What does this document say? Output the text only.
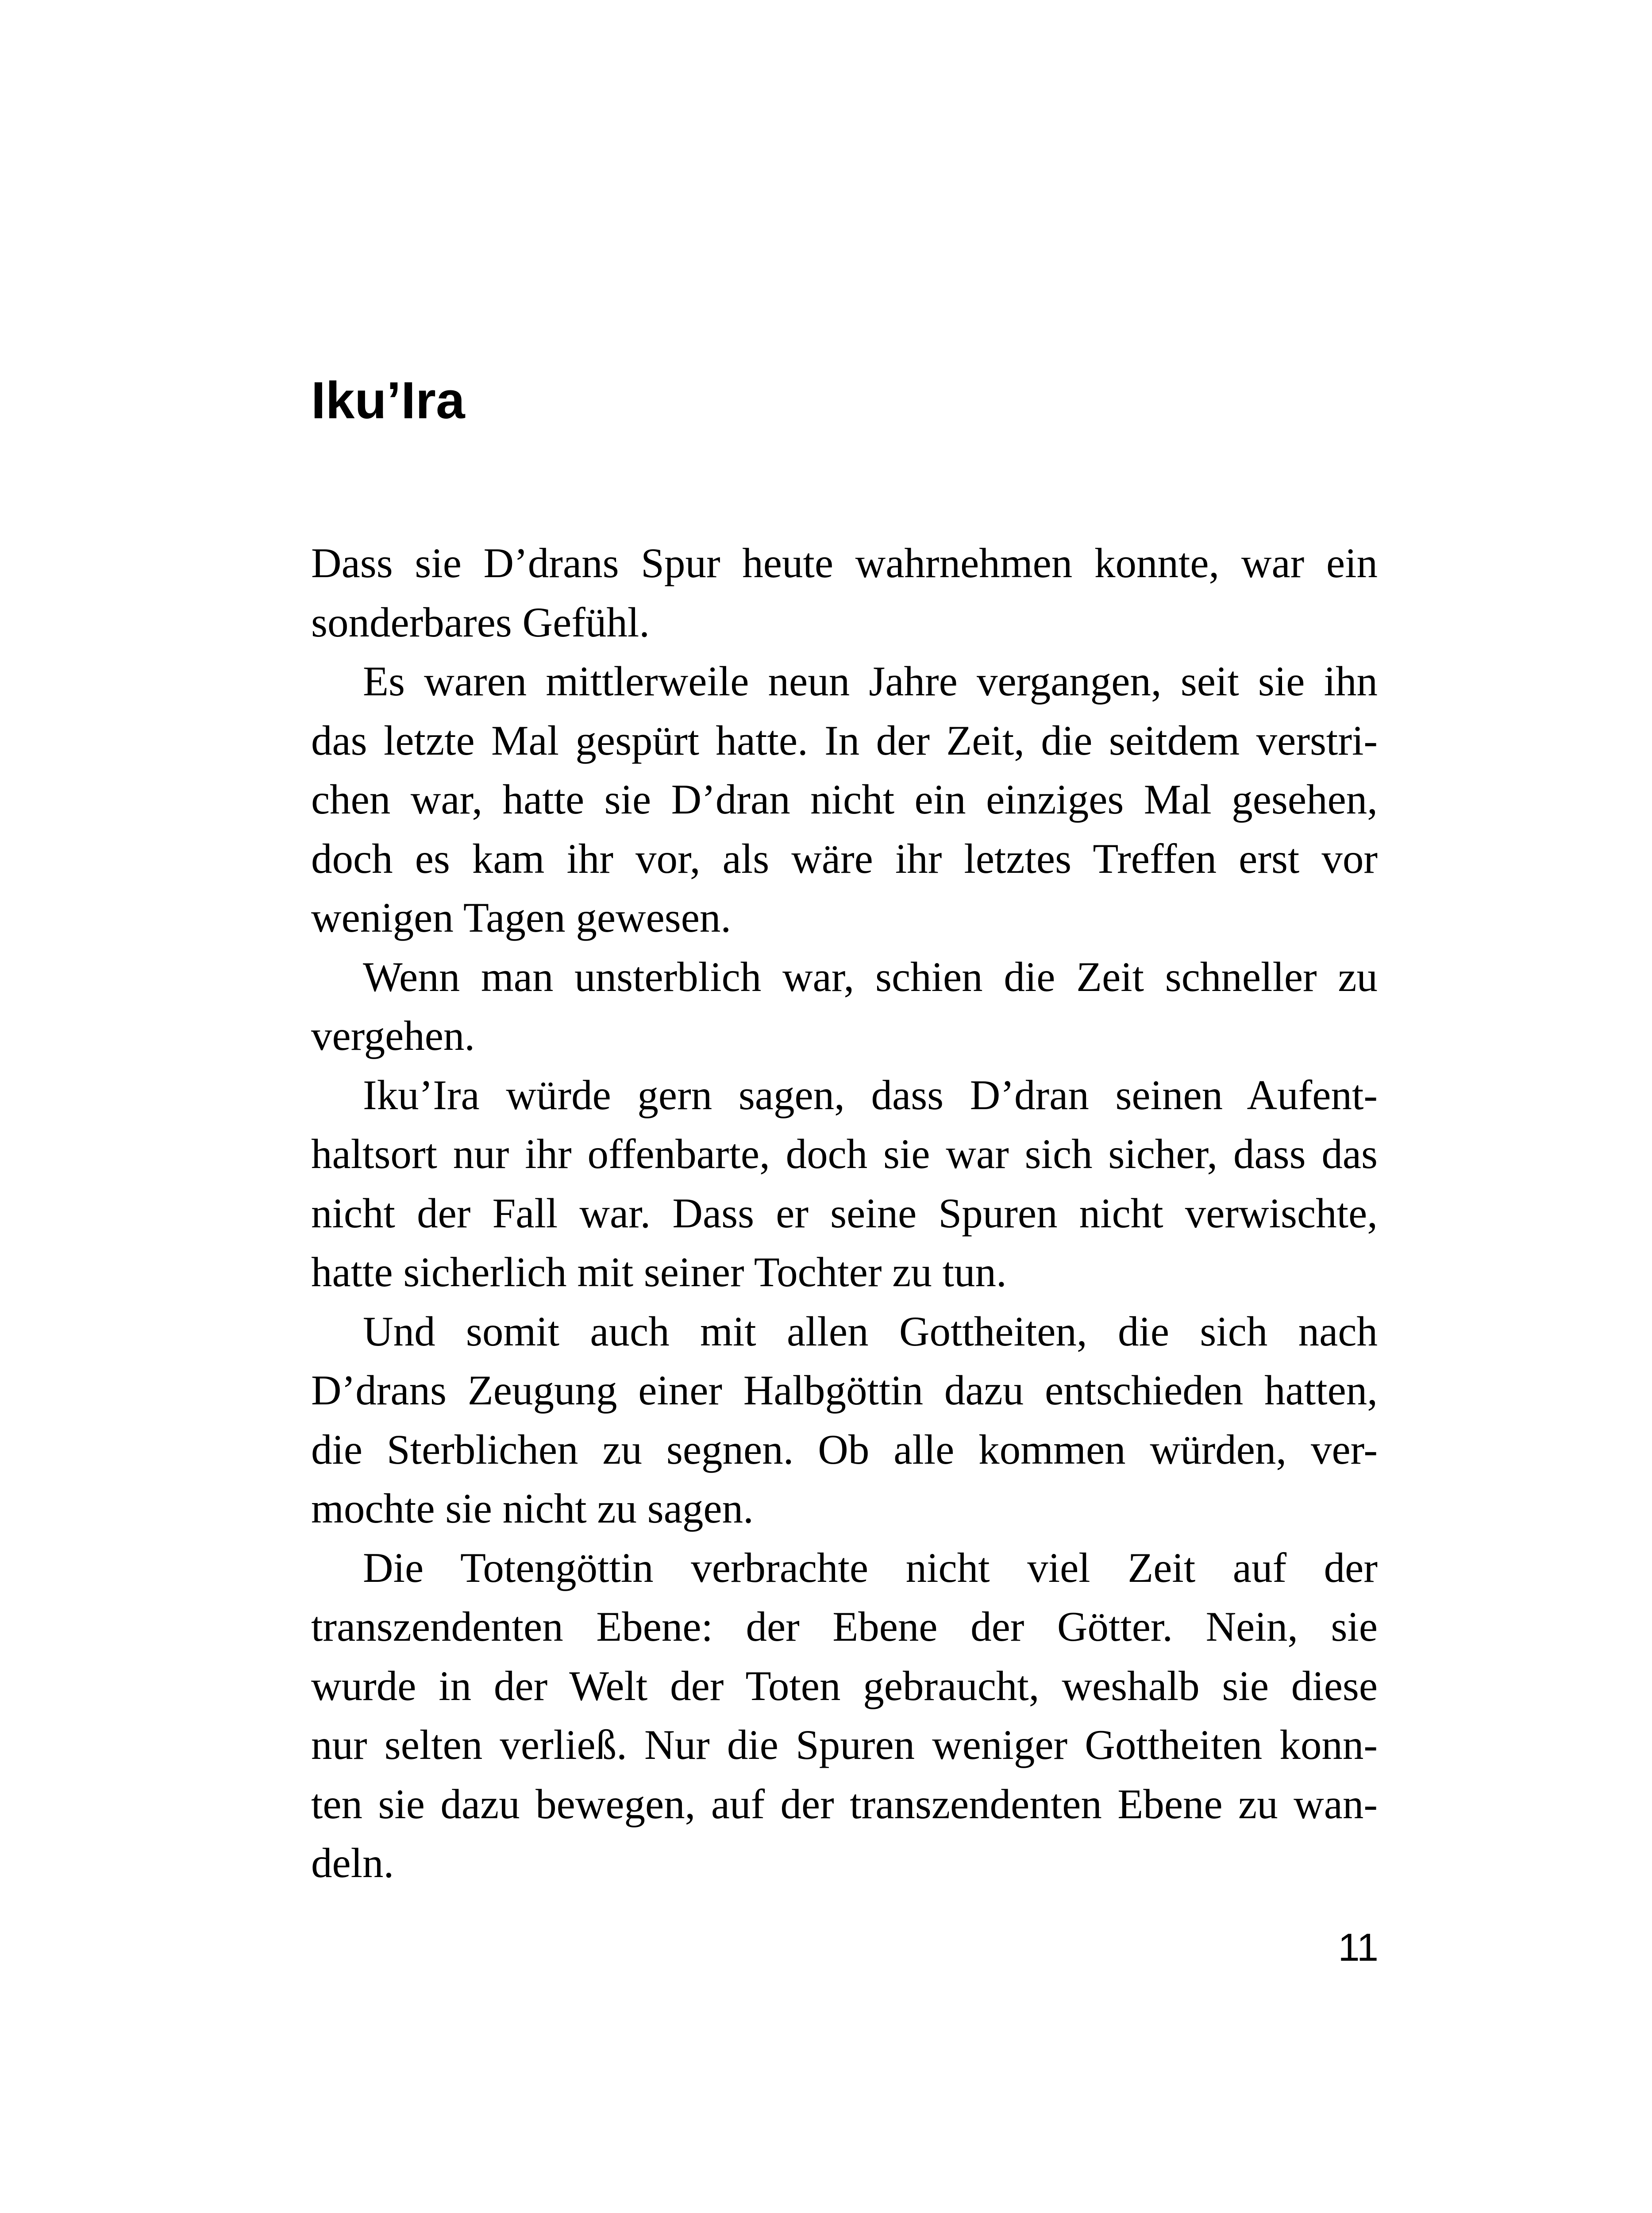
Iku’Ira
Dass sie D’drans Spur heute wahrnehmen konnte, war ein
sonderbares Gefühl.
Es waren mittlerweile neun Jahre vergangen, seit sie ihn
das letzte Mal gespürt hatte. In der Zeit, die seitdem verstri-
chen war, hatte sie D’dran nicht ein einziges Mal gesehen,
doch es kam ihr vor, als wäre ihr letztes Treffen erst vor
wenigen Tagen gewesen.
Wenn man unsterblich war, schien die Zeit schneller zu
vergehen.
Iku’Ira würde gern sagen, dass D’dran seinen Aufent-
haltsort nur ihr offenbarte, doch sie war sich sicher, dass das
nicht der Fall war. Dass er seine Spuren nicht verwischte,
hatte sicherlich mit seiner Tochter zu tun.
Und somit auch mit allen Gottheiten, die sich nach
D’drans Zeugung einer Halbgöttin dazu entschieden hatten,
die Sterblichen zu segnen. Ob alle kommen würden, ver-
mochte sie nicht zu sagen.
Die Totengöttin verbrachte nicht viel Zeit auf der
transzendenten Ebene: der Ebene der Götter. Nein, sie
wurde in der Welt der Toten gebraucht, weshalb sie diese
nur selten verließ. Nur die Spuren weniger Gottheiten konn-
ten sie dazu bewegen, auf der transzendenten Ebene zu wan-
deln.
11
